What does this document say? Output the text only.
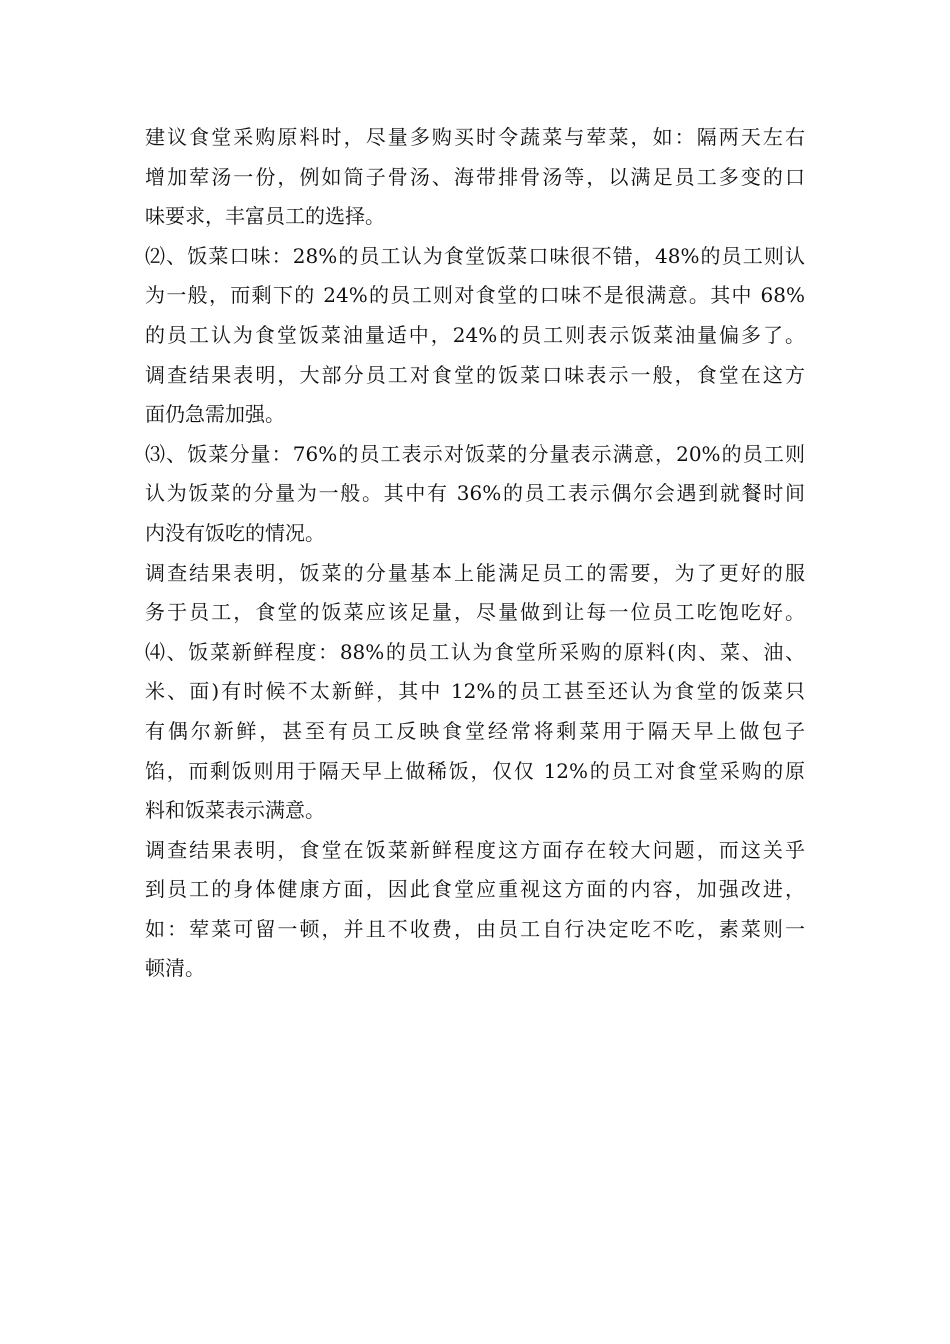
建议食堂采购原料时，尽量多购买时令蔬菜与荤菜，如：隔两天左右
增加荤汤一份，例如筒子骨汤、海带排骨汤等，以满足员工多变的口
味要求，丰富员工的选择。
⑵、饭菜口味：28%的员工认为食堂饭菜口味很不错，48%的员工则认
为一般，而剩下的 24%的员工则对食堂的口味不是很满意。其中 68%
的员工认为食堂饭菜油量适中，24%的员工则表示饭菜油量偏多了。
调查结果表明，大部分员工对食堂的饭菜口味表示一般，食堂在这方
面仍急需加强。
⑶、饭菜分量：76%的员工表示对饭菜的分量表示满意，20%的员工则
认为饭菜的分量为一般。其中有 36%的员工表示偶尔会遇到就餐时间
内没有饭吃的情况。
调查结果表明，饭菜的分量基本上能满足员工的需要，为了更好的服
务于员工，食堂的饭菜应该足量，尽量做到让每一位员工吃饱吃好。
⑷、饭菜新鲜程度：88%的员工认为食堂所采购的原料(肉、菜、油、
米、面)有时候不太新鲜，其中 12%的员工甚至还认为食堂的饭菜只
有偶尔新鲜，甚至有员工反映食堂经常将剩菜用于隔天早上做包子
馅，而剩饭则用于隔天早上做稀饭，仅仅 12%的员工对食堂采购的原
料和饭菜表示满意。
调查结果表明，食堂在饭菜新鲜程度这方面存在较大问题，而这关乎
到员工的身体健康方面，因此食堂应重视这方面的内容，加强改进，
如：荤菜可留一顿，并且不收费，由员工自行决定吃不吃，素菜则一
顿清。
